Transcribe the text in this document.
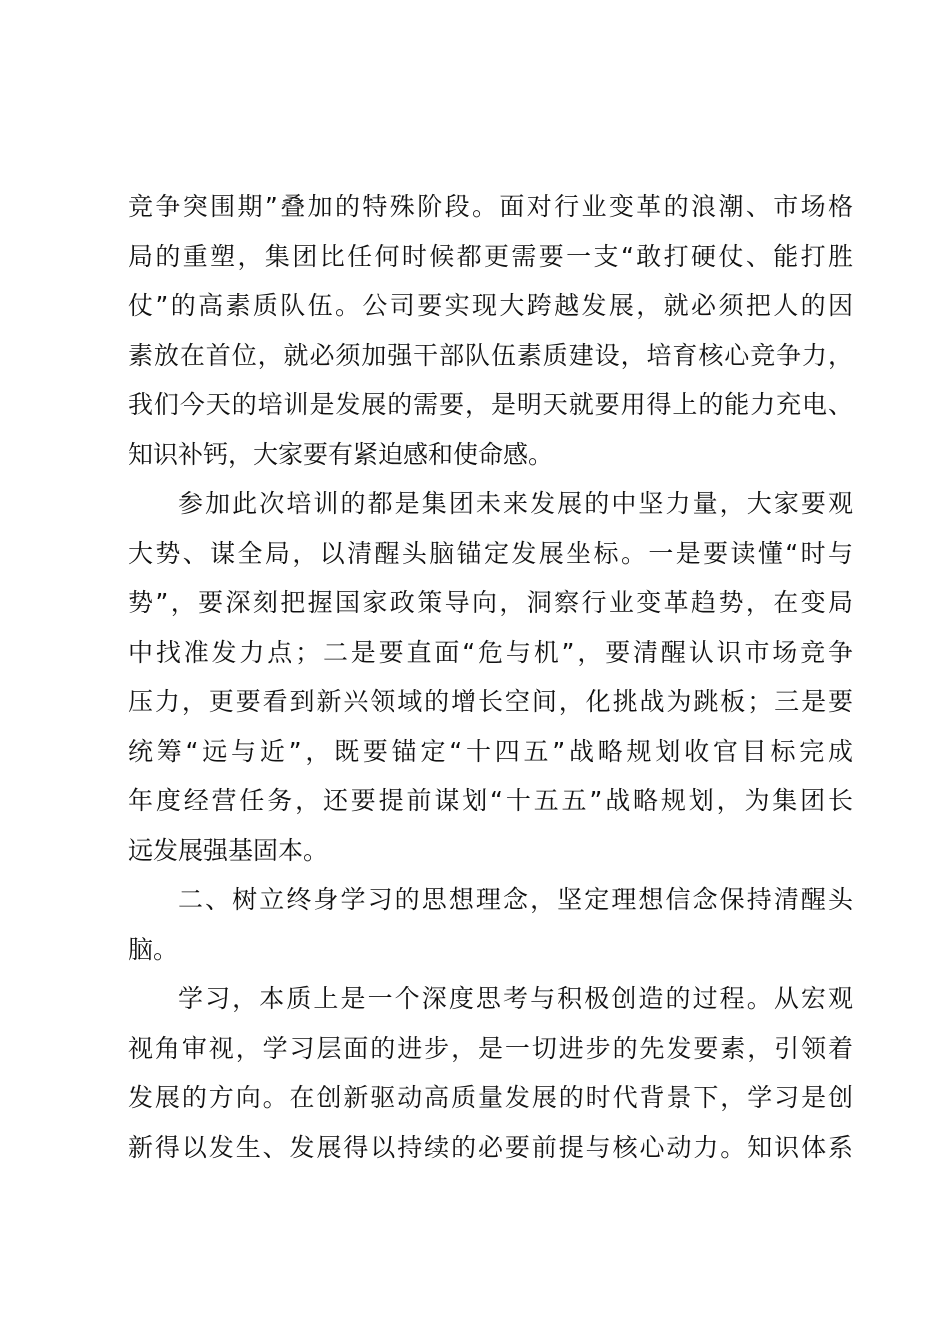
竞争突围期”叠加的特殊阶段。面对行业变革的浪潮、市场格
局的重塑，集团比任何时候都更需要一支“敢打硬仗、能打胜
仗”的高素质队伍。公司要实现大跨越发展，就必须把人的因
素放在首位，就必须加强干部队伍素质建设，培育核心竞争力，
我们今天的培训是发展的需要，是明天就要用得上的能力充电、
知识补钙，大家要有紧迫感和使命感。
参加此次培训的都是集团未来发展的中坚力量，大家要观
大势、谋全局，以清醒头脑锚定发展坐标。一是要读懂“时与
势”，要深刻把握国家政策导向，洞察行业变革趋势，在变局
中找准发力点；二是要直面“危与机”，要清醒认识市场竞争
压力，更要看到新兴领域的增长空间，化挑战为跳板；三是要
统筹“远与近”，既要锚定“十四五”战略规划收官目标完成
年度经营任务，还要提前谋划“十五五”战略规划，为集团长
远发展强基固本。
二、树立终身学习的思想理念，坚定理想信念保持清醒头
脑。
学习，本质上是一个深度思考与积极创造的过程。从宏观
视角审视，学习层面的进步，是一切进步的先发要素，引领着
发展的方向。在创新驱动高质量发展的时代背景下，学习是创
新得以发生、发展得以持续的必要前提与核心动力。知识体系
